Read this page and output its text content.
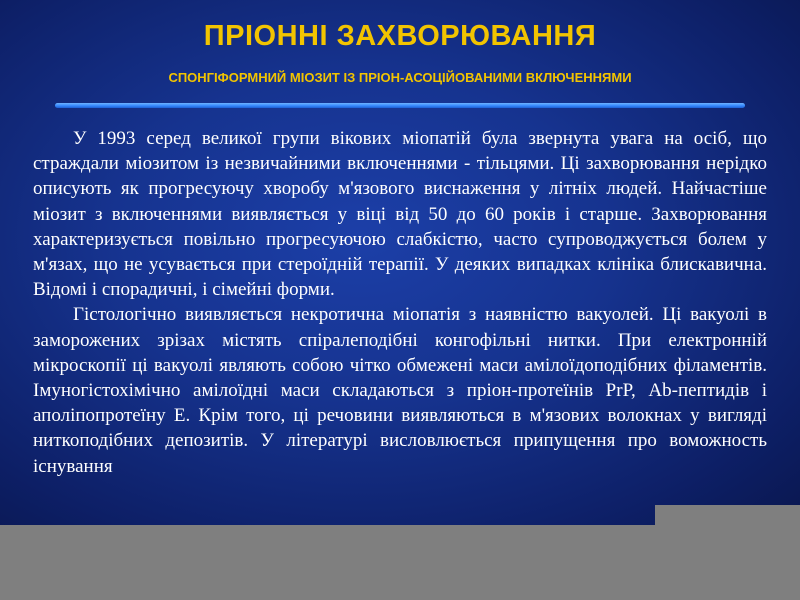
ПРІОННІ ЗАХВОРЮВАННЯ
СПОНГІФОРМНИЙ МІОЗИТ ІЗ ПРІОН-АСОЦІЙОВАНИМИ ВКЛЮЧЕННЯМИ

У 1993 серед великої групи вікових міопатій була звернута увага на осіб, що страждали міозитом із незвичайними включеннями - тільцями. Ці захворювання нерідко описують як прогресуючу хворобу м'язового виснаження у літніх людей. Найчастіше міозит з включеннями виявляється у віці від 50 до 60 років і старше. Захворювання характеризується повільно прогресуючою слабкістю, часто супроводжується болем у м'язах, що не усувається при стероїдній терапії. У деяких випадках клініка блискавична. Відомі і спорадичні, і сімейні форми.

Гістологічно виявляється некротична міопатія з наявністю вакуолей. Ці вакуолі в заморожених зрізах містять спіралеподібні конгофільні нитки. При електронній мікроскопії ці вакуолі являють собою чітко обмежені маси амілоїдоподібних філаментів. Імуногістохімічно амілоїдні маси складаються з пріон-протеїнів PrP, Аb-пептидів і аполіпопротеїну Е. Крім того, ці речовини виявляються в м'язових волокнах у вигляді ниткоподібних депозитів. У літературі висловлюється припущення про воможность існування
